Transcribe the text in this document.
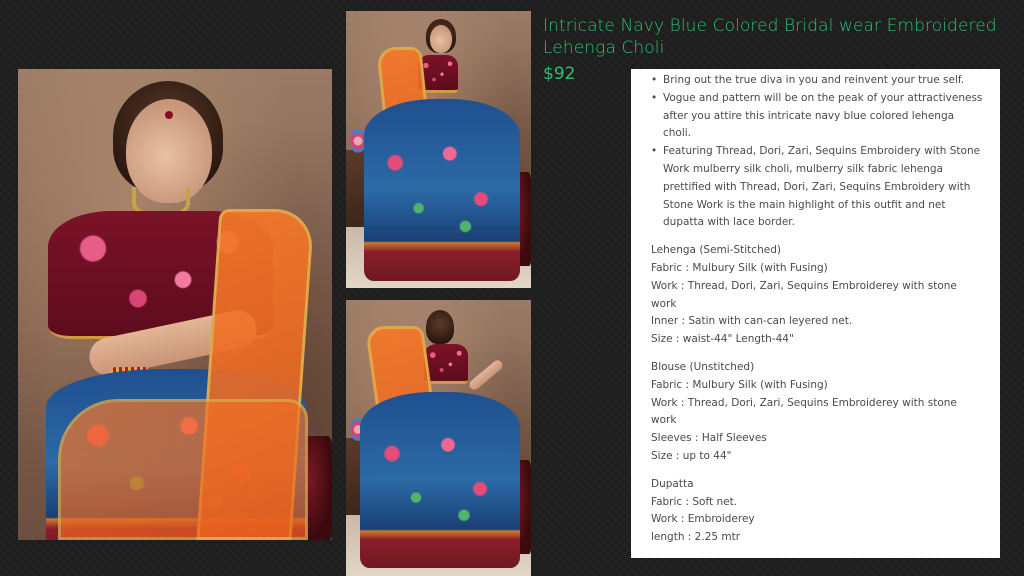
Intricate Navy Blue Colored Bridal wear Embroidered Lehenga Choli
$92
•	Bring out the true diva in you and reinvent your true self.
• Vogue and pattern will be on the peak of your attractiveness after you attire this intricate navy blue colored lehenga choli.
• Featuring Thread, Dori, Zari, Sequins Embroidery with Stone Work mulberry silk choli, mulberry silk fabric lehenga prettified with Thread, Dori, Zari, Sequins Embroidery with Stone Work is the main highlight of this outfit and net dupatta with lace border.

Lehenga (Semi-Stitched)

Fabric : Mulbury Silk (with Fusing)

Work : Thread, Dori, Zari, Sequins Embroiderey with stone work

Inner : Satin with can-can leyered net.

Size : waist-44" Length-44"

Blouse (Unstitched)

Fabric : Mulbury Silk (with Fusing)

Work : Thread, Dori, Zari, Sequins Embroiderey with stone work

Sleeves : Half Sleeves

Size : up to 44"

Dupatta

Fabric : Soft net.

Work : Embroiderey

length : 2.25 mtr
